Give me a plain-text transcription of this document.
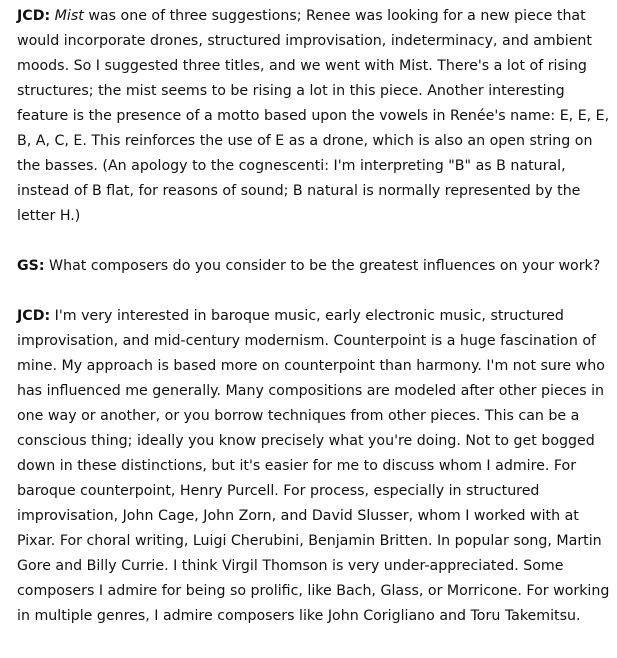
JCD: Mist was one of three suggestions; Renee was looking for a new piece that would incorporate drones, structured improvisation, indeterminacy, and ambient moods. So I suggested three titles, and we went with Mist. There's a lot of rising structures; the mist seems to be rising a lot in this piece. Another interesting feature is the presence of a motto based upon the vowels in Renée's name: E, E, E, B, A, C, E. This reinforces the use of E as a drone, which is also an open string on the basses. (An apology to the cognescenti: I'm interpreting "B" as B natural, instead of B flat, for reasons of sound; B natural is normally represented by the letter H.)

GS: What composers do you consider to be the greatest influences on your work?

JCD: I'm very interested in baroque music, early electronic music, structured improvisation, and mid-century modernism. Counterpoint is a huge fascination of mine. My approach is based more on counterpoint than harmony. I'm not sure who has influenced me generally. Many compositions are modeled after other pieces in one way or another, or you borrow techniques from other pieces. This can be a conscious thing; ideally you know precisely what you're doing. Not to get bogged down in these distinctions, but it's easier for me to discuss whom I admire. For baroque counterpoint, Henry Purcell. For process, especially in structured improvisation, John Cage, John Zorn, and David Slusser, whom I worked with at Pixar. For choral writing, Luigi Cherubini, Benjamin Britten. In popular song, Martin Gore and Billy Currie. I think Virgil Thomson is very under-appreciated. Some composers I admire for being so prolific, like Bach, Glass, or Morricone. For working in multiple genres, I admire composers like John Corigliano and Toru Takemitsu.
